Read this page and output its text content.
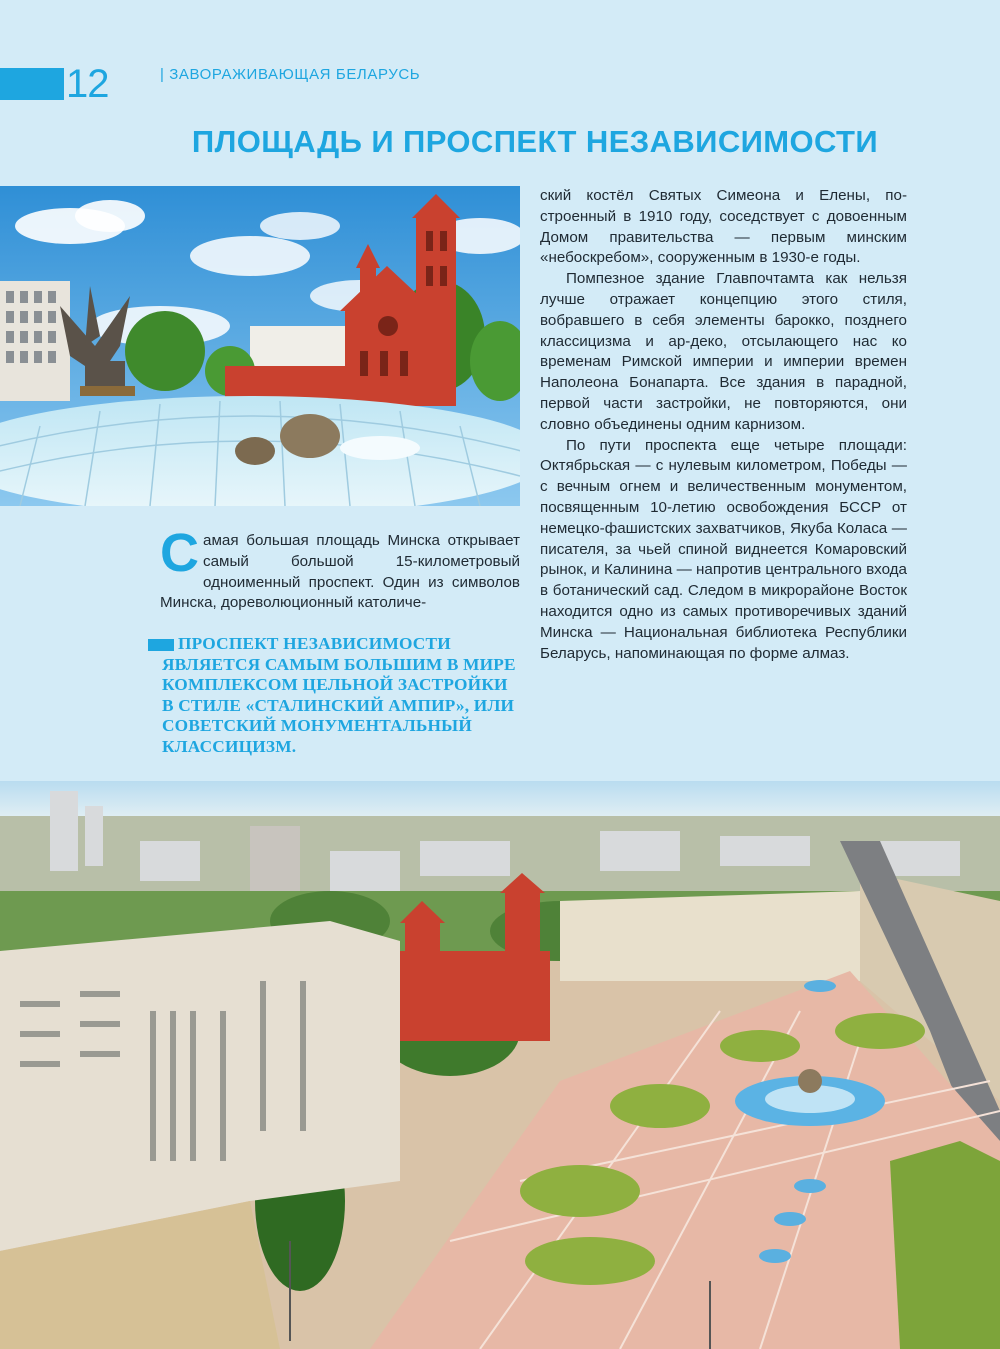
12	| ЗАВОРАЖИВАЮЩАЯ БЕЛАРУСЬ
ПЛОЩАДЬ И ПРОСПЕКТ НЕЗАВИСИМОСТИ

ский костёл Святых Симеона и Елены, построенный в 1910 году, соседствует с довоенным Домом правительства — первым минским «небоскребом», сооруженным в 1930-е годы.

Помпезное здание Главпочтамта как нельзя лучше отражает концепцию этого стиля, вобравшего в себя элементы барокко, позднего классицизма и ар-деко, отсылающего нас ко временам Римской империи и империи времен Наполеона Бонапарта. Все здания в парадной, первой части застройки, не повторяются, они словно объединены одним карнизом.

По пути проспекта еще четыре площади: Октябрьская — с нулевым километром, Победы — с вечным огнем и величественным монументом, посвященным 10-летию освобождения БССР от немецко-фашистских захватчиков, Якуба Коласа — писателя, за чьей спиной виднеется Комаровский рынок, и Калинина — напротив центрального входа в ботанический сад. Следом в микрорайоне Восток находится одно из самых противоречивых зданий Минска — Национальная библиотека Республики Беларусь, напоминающая по форме алмаз.

Самая большая площадь Минска открывает самый большой 15-километровый одноименный проспект. Один из символов Минска, дореволюционный католиче-
ПРОСПЕКТ НЕЗАВИСИМОСТИ ЯВЛЯЕТСЯ САМЫМ БОЛЬШИМ В МИРЕ КОМПЛЕКСОМ ЦЕЛЬНОЙ ЗАСТРОЙКИ В СТИЛЕ «СТАЛИНСКИЙ АМПИР», ИЛИ СОВЕТСКИЙ МОНУМЕНТАЛЬНЫЙ КЛАССИЦИЗМ.
